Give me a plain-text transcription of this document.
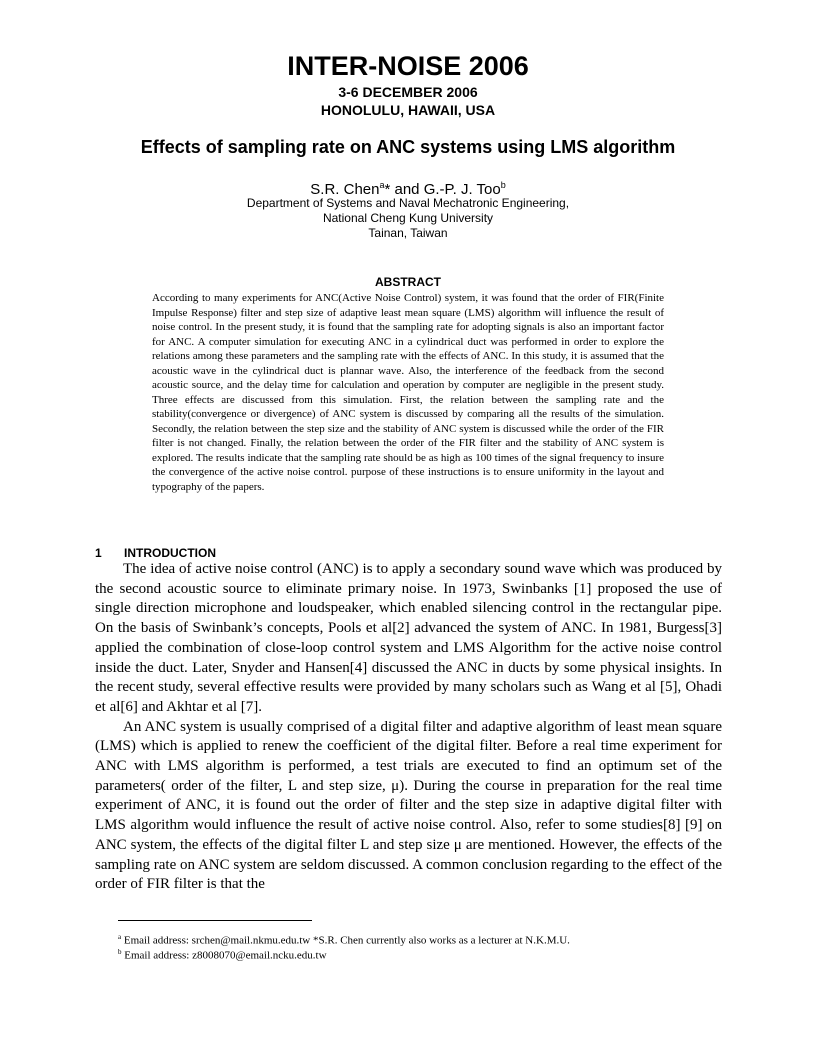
INTER-NOISE 2006
3-6 DECEMBER 2006
HONOLULU, HAWAII, USA
Effects of sampling rate on ANC systems using LMS algorithm
S.R. Chen$^a$* and G.-P. J. Too$^b$
Department of Systems and Naval Mechatronic Engineering,
National Cheng Kung University
Tainan, Taiwan
ABSTRACT
According to many experiments for ANC(Active Noise Control) system, it was found that the order of FIR(Finite Impulse Response) filter and step size of adaptive least mean square (LMS) algorithm will influence the result of noise control. In the present study, it is found that the sampling rate for adopting signals is also an important factor for ANC. A computer simulation for executing ANC in a cylindrical duct was performed in order to explore the relations among these parameters and the sampling rate with the effects of ANC. In this study, it is assumed that the acoustic wave in the cylindrical duct is plannar wave. Also, the interference of the feedback from the second acoustic source, and the delay time for calculation and operation by computer are negligible in the present study. Three effects are discussed from this simulation. First, the relation between the sampling rate and the stability(convergence or divergence) of ANC system is discussed by comparing all the results of the simulation. Secondly, the relation between the step size and the stability of ANC system is discussed while the order of the FIR filter is not changed. Finally, the relation between the order of the FIR filter and the stability of ANC system is explored. The results indicate that the sampling rate should be as high as 100 times of the signal frequency to insure the convergence of the active noise control. purpose of these instructions is to ensure uniformity in the layout and typography of the papers.
1 INTRODUCTION

The idea of active noise control (ANC) is to apply a secondary sound wave which was produced by the second acoustic source to eliminate primary noise. In 1973, Swinbanks [1] proposed the use of single direction microphone and loudspeaker, which enabled silencing control in the rectangular pipe. On the basis of Swinbank’s concepts, Pools et al[2] advanced the system of ANC. In 1981, Burgess[3] applied the combination of close-loop control system and LMS Algorithm for the active noise control inside the duct. Later, Snyder and Hansen[4] discussed the ANC in ducts by some physical insights. In the recent study, several effective results were provided by many scholars such as Wang et al [5], Ohadi et al[6] and Akhtar et al [7].

An ANC system is usually comprised of a digital filter and adaptive algorithm of least mean square (LMS) which is applied to renew the coefficient of the digital filter. Before a real time experiment for ANC with LMS algorithm is performed, a test trials are executed to find an optimum set of the parameters( order of the filter, L and step size, μ). During the course in preparation for the real time experiment of ANC, it is found out the order of filter and the step size in adaptive digital filter with LMS algorithm would influence the result of active noise control. Also, refer to some studies[8] [9] on ANC system, the effects of the digital filter L and step size μ are mentioned. However, the effects of the sampling rate on ANC system are seldom discussed. A common conclusion regarding to the effect of the order of FIR filter is that the

$^a$ Email address: srchen@mail.nkmu.edu.tw *S.R. Chen currently also works as a lecturer at N.K.M.U.
$^b$ Email address: z8008070@email.ncku.edu.tw
